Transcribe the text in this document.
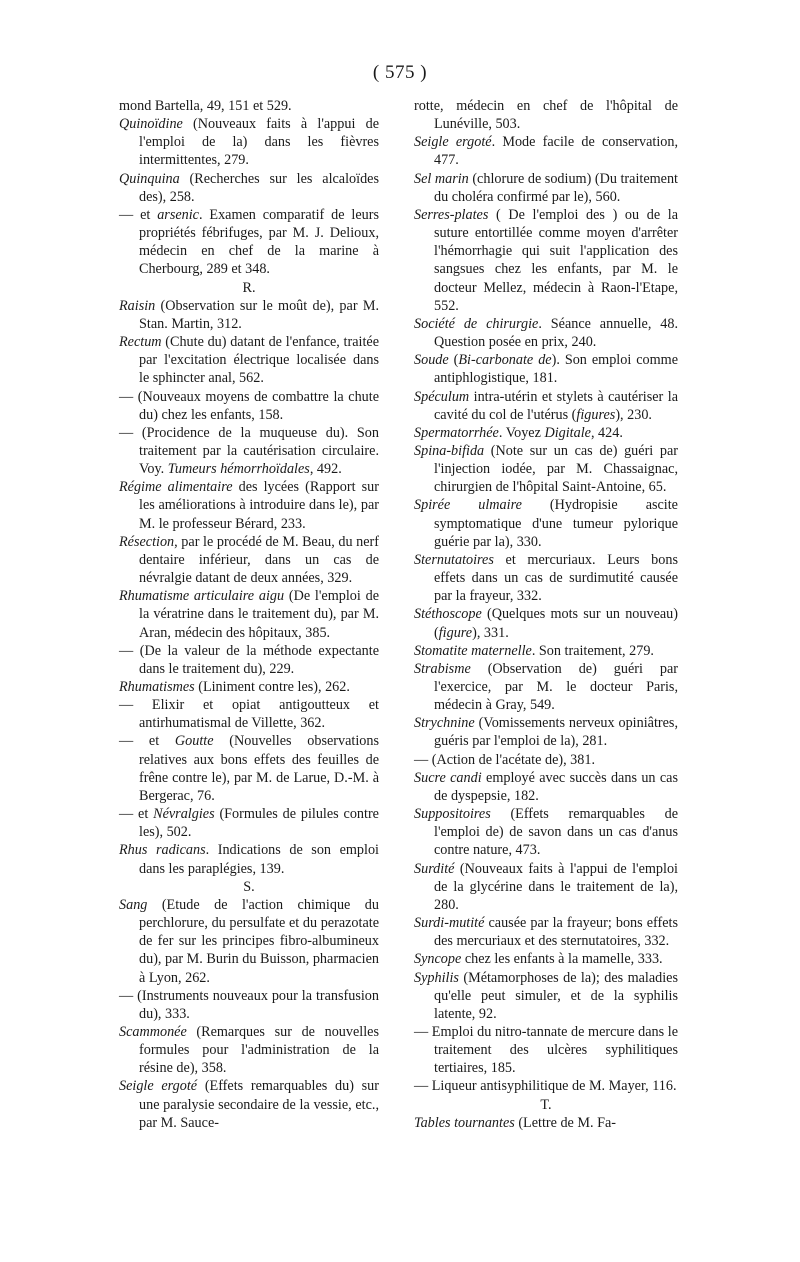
( 575 )

mond Bartella, 49, 151 et 529.

Quinoïdine (Nouveaux faits à l'appui de l'emploi de la) dans les fièvres intermittentes, 279.

Quinquina (Recherches sur les alcaloïdes des), 258.

— et arsenic. Examen comparatif de leurs propriétés fébrifuges, par M. J. Delioux, médecin en chef de la marine à Cherbourg, 289 et 348.

R.

Raisin (Observation sur le moût de), par M. Stan. Martin, 312.

Rectum (Chute du) datant de l'enfance, traitée par l'excitation électrique localisée dans le sphincter anal, 562.

— (Nouveaux moyens de combattre la chute du) chez les enfants, 158.

— (Procidence de la muqueuse du). Son traitement par la cautérisation circulaire. Voy. Tumeurs hémorrhoïdales, 492.

Régime alimentaire des lycées (Rapport sur les améliorations à introduire dans le), par M. le professeur Bérard, 233.

Résection, par le procédé de M. Beau, du nerf dentaire inférieur, dans un cas de névralgie datant de deux années, 329.

Rhumatisme articulaire aigu (De l'emploi de la vératrine dans le traitement du), par M. Aran, médecin des hôpitaux, 385.

— (De la valeur de la méthode expectante dans le traitement du), 229.

Rhumatismes (Liniment contre les), 262.

— Elixir et opiat antigoutteux et antirhumatismal de Villette, 362.

— et Goutte (Nouvelles observations relatives aux bons effets des feuilles de frêne contre le), par M. de Larue, D.-M. à Bergerac, 76.

— et Névralgies (Formules de pilules contre les), 502.

Rhus radicans. Indications de son emploi dans les paraplégies, 139.

S.

Sang (Etude de l'action chimique du perchlorure, du persulfate et du perazotate de fer sur les principes fibro-albumineux du), par M. Burin du Buisson, pharmacien à Lyon, 262.

— (Instruments nouveaux pour la transfusion du), 333.

Scammonée (Remarques sur de nouvelles formules pour l'administration de la résine de), 358.

Seigle ergoté (Effets remarquables du) sur une paralysie secondaire de la vessie, etc., par M. Sauce-

rotte, médecin en chef de l'hôpital de Lunéville, 503.

Seigle ergoté. Mode facile de conservation, 477.

Sel marin (chlorure de sodium) (Du traitement du choléra confirmé par le), 560.

Serres-plates ( De l'emploi des ) ou de la suture entortillée comme moyen d'arrêter l'hémorrhagie qui suit l'application des sangsues chez les enfants, par M. le docteur Mellez, médecin à Raon-l'Etape, 552.

Société de chirurgie. Séance annuelle, 48. Question posée en prix, 240.

Soude (Bi-carbonate de). Son emploi comme antiphlogistique, 181.

Spéculum intra-utérin et stylets à cautériser la cavité du col de l'utérus (figures), 230.

Spermatorrhée. Voyez Digitale, 424.

Spina-bifida (Note sur un cas de) guéri par l'injection iodée, par M. Chassaignac, chirurgien de l'hôpital Saint-Antoine, 65.

Spirée ulmaire (Hydropisie ascite symptomatique d'une tumeur pylorique guérie par la), 330.

Sternutatoires et mercuriaux. Leurs bons effets dans un cas de surdimutité causée par la frayeur, 332.

Stéthoscope (Quelques mots sur un nouveau) (figure), 331.

Stomatite maternelle. Son traitement, 279.

Strabisme (Observation de) guéri par l'exercice, par M. le docteur Paris, médecin à Gray, 549.

Strychnine (Vomissements nerveux opiniâtres, guéris par l'emploi de la), 281.

— (Action de l'acétate de), 381.

Sucre candi employé avec succès dans un cas de dyspepsie, 182.

Suppositoires (Effets remarquables de l'emploi de) de savon dans un cas d'anus contre nature, 473.

Surdité (Nouveaux faits à l'appui de l'emploi de la glycérine dans le traitement de la), 280.

Surdi-mutité causée par la frayeur; bons effets des mercuriaux et des sternutatoires, 332.

Syncope chez les enfants à la mamelle, 333.

Syphilis (Métamorphoses de la); des maladies qu'elle peut simuler, et de la syphilis latente, 92.

— Emploi du nitro-tannate de mercure dans le traitement des ulcères syphilitiques tertiaires, 185.

— Liqueur antisyphilitique de M. Mayer, 116.

T.

Tables tournantes (Lettre de M. Fa-
